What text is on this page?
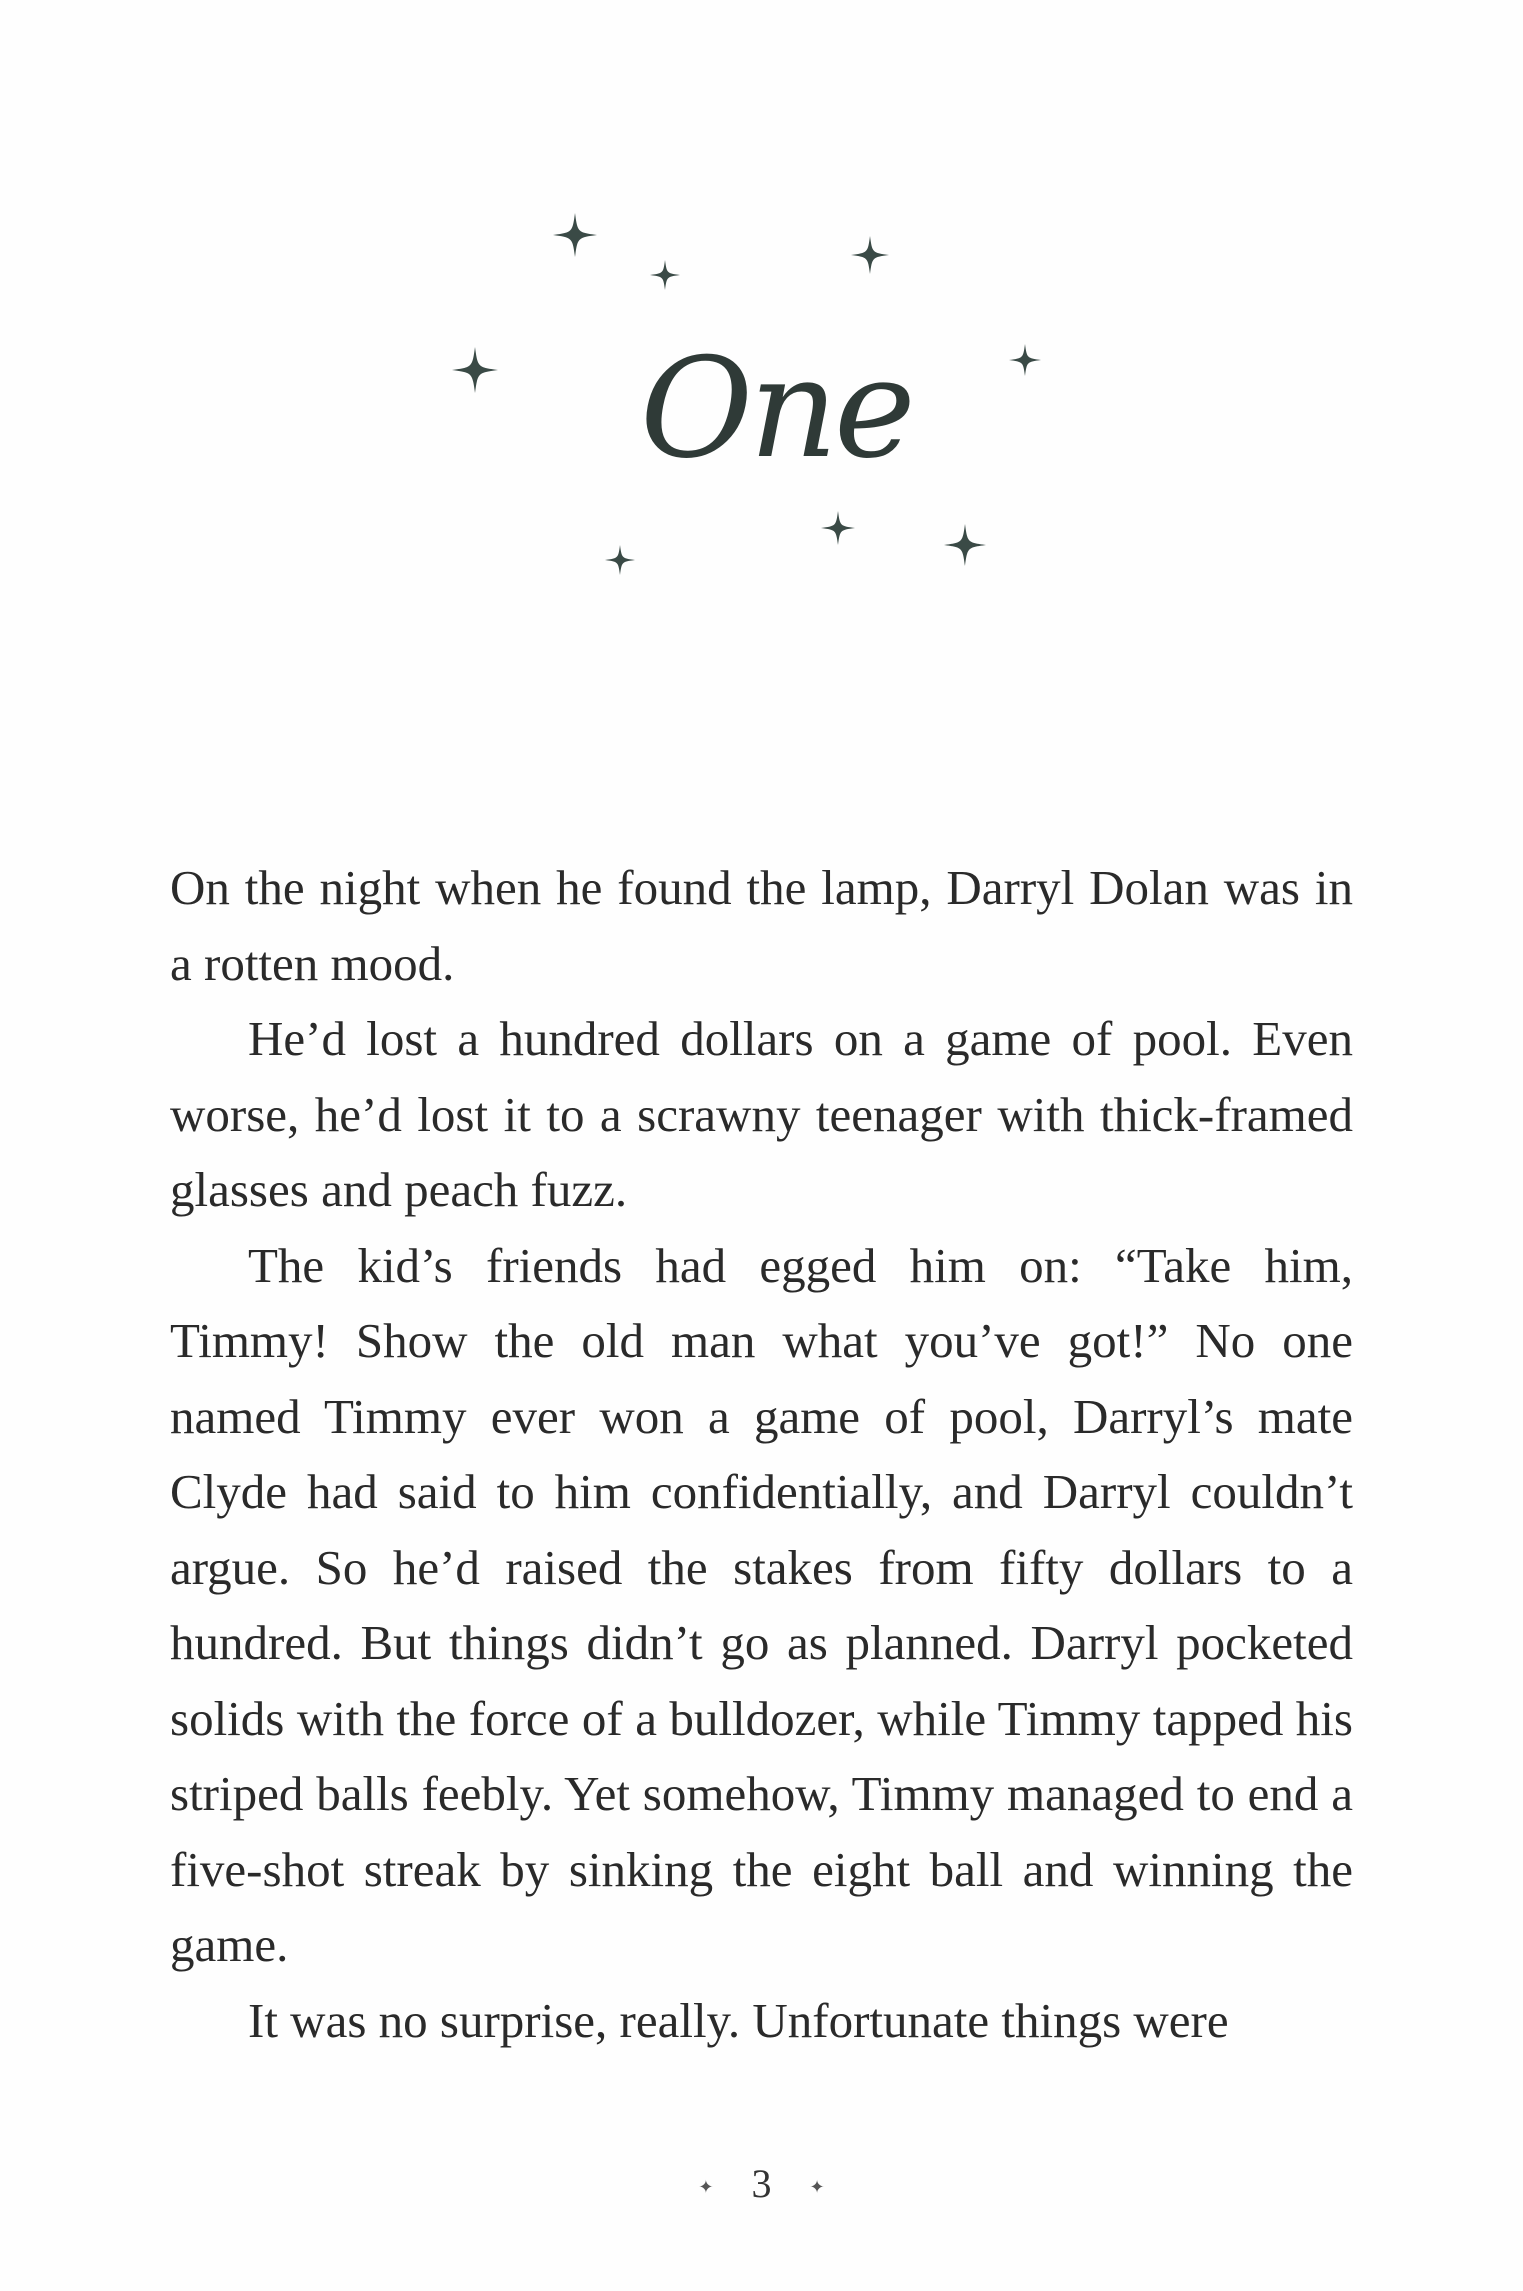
One

On the night when he found the lamp, Darryl Dolan was in a rotten mood.

He’d lost a hundred dollars on a game of pool. Even worse, he’d lost it to a scrawny teenager with thick-framed glasses and peach fuzz.

The kid’s friends had egged him on: “Take him, Timmy! Show the old man what you’ve got!” No one named Timmy ever won a game of pool, Darryl’s mate Clyde had said to him confidentially, and Darryl couldn’t argue. So he’d raised the stakes from fifty dollars to a hundred. But things didn’t go as planned. Darryl pocketed solids with the force of a bulldozer, while Timmy tapped his striped balls feebly. Yet somehow, Timmy managed to end a five-shot streak by sinking the eight ball and winning the game.

It was no surprise, really. Unfortunate things were

✦ 3 ✦
